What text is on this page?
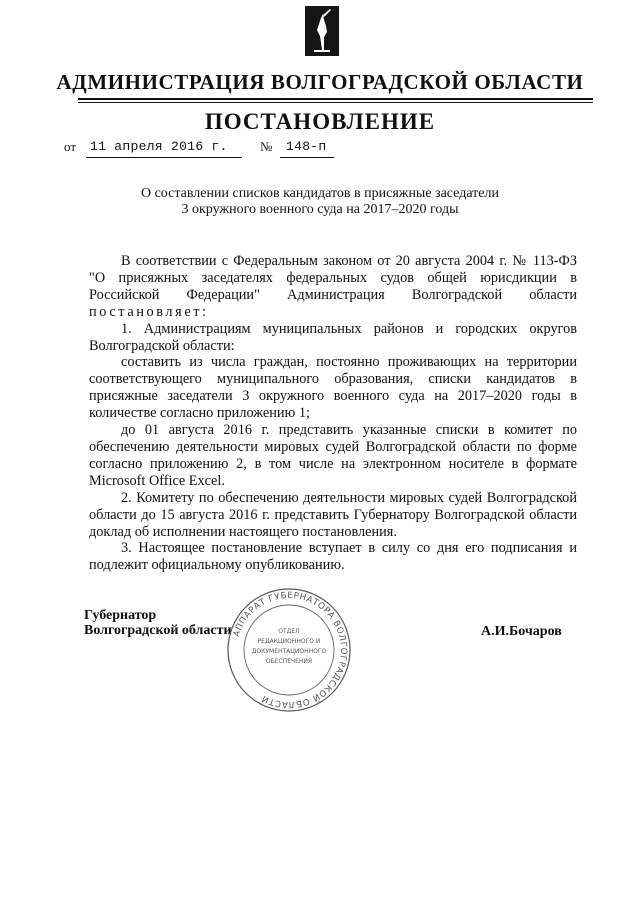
АДМИНИСТРАЦИЯ ВОЛГОГРАДСКОЙ ОБЛАСТИ
ПОСТАНОВЛЕНИЕ
от 11 апреля 2016 г. № 148-п
О составлении списков кандидатов в присяжные заседатели
3 окружного военного суда на 2017–2020 годы

В соответствии с Федеральным законом от 20 августа 2004 г. № 113-ФЗ "О присяжных заседателях федеральных судов общей юрисдикции в Российской Федерации" Администрация Волгоградской области постановляет:

1. Администрациям муниципальных районов и городских округов Волгоградской области:

составить из числа граждан, постоянно проживающих на территории соответствующего муниципального образования, списки кандидатов в присяжные заседатели 3 окружного военного суда на 2017–2020 годы в количестве согласно приложению 1;

до 01 августа 2016 г. представить указанные списки в комитет по обеспечению деятельности мировых судей Волгоградской области по форме согласно приложению 2, в том числе на электронном носителе в формате Microsoft Office Excel.

2. Комитету по обеспечению деятельности мировых судей Волгоградской области до 15 августа 2016 г. представить Губернатору Волгоградской области доклад об исполнении настоящего постановления.

3. Настоящее постановление вступает в силу со дня его подписания и подлежит официальному опубликованию.

Губернатор
Волгоградской области	А.И.Бочаров
АППАРАТ ГУБЕРНАТОРА ВОЛГОГРАДСКОЙ ОБЛАСТИ
ОТДЕЛ
РЕДАКЦИОННОГО И
ДОКУМЕНТАЦИОННОГО
ОБЕСПЕЧЕНИЯ
